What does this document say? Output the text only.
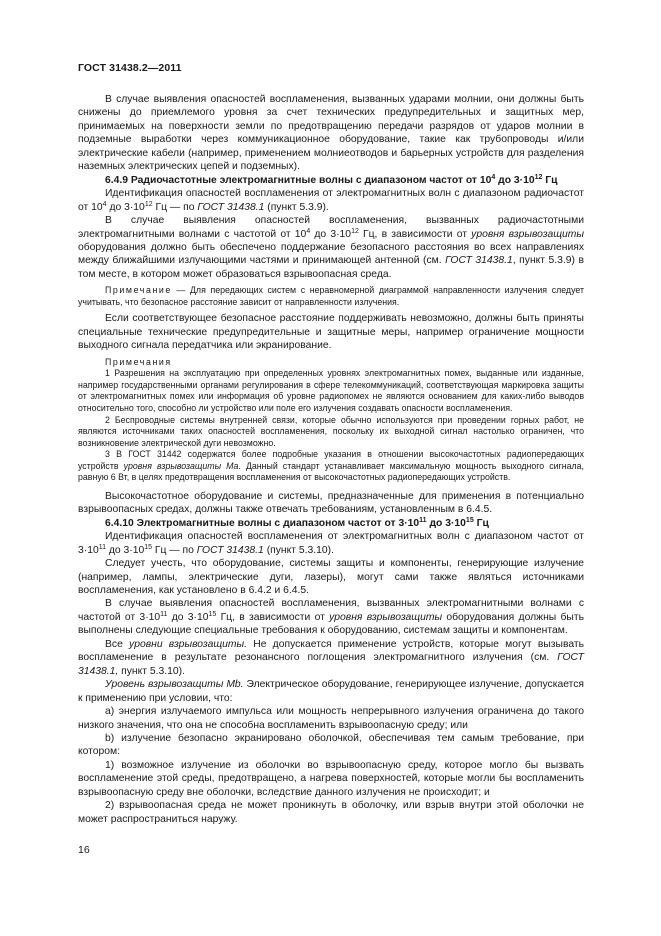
ГОСТ 31438.2—2011

В случае выявления опасностей воспламенения, вызванных ударами молнии, они должны быть снижены до приемлемого уровня за счет технических предупредительных и защитных мер, принимаемых на поверхности земли по предотвращению передачи разрядов от ударов молнии в подземные выработки через коммуникационное оборудование, такие как трубопроводы и/или электрические кабели (например, применением молниеотводов и барьерных устройств для разделения наземных электрических цепей и подземных).

6.4.9 Радиочастотные электромагнитные волны с диапазоном частот от $10^4$ до $3\cdot 10^{12}$ Гц

Идентификация опасностей воспламенения от электромагнитных волн с диапазоном радиочастот от $10^4$ до $3\cdot 10^{12}$ Гц — по ГОСТ 31438.1 (пункт 5.3.9).

В случае выявления опасностей воспламенения, вызванных радиочастотными электромагнитными волнами с частотой от $10^4$ до $3\cdot 10^{12}$ Гц, в зависимости от уровня взрывозащиты оборудования должно быть обеспечено поддержание безопасного расстояния во всех направлениях между ближайшими излучающими частями и принимающей антенной (см. ГОСТ 31438.1, пункт 5.3.9) в том месте, в котором может образоваться взрывоопасная среда.

Примечание — Для передающих систем с неравномерной диаграммой направленности излучения следует учитывать, что безопасное расстояние зависит от направленности излучения.

Если соответствующее безопасное расстояние поддерживать невозможно, должны быть приняты специальные технические предупредительные и защитные меры, например ограничение мощности выходного сигнала передатчика или экранирование.

Примечания

1 Разрешения на эксплуатацию при определенных уровнях электромагнитных помех, выданные или изданные, например государственными органами регулирования в сфере телекоммуникаций, соответствующая маркировка защиты от электромагнитных помех или информация об уровне радиопомех не являются основанием для каких-либо выводов относительно того, способно ли устройство или поле его излучения создавать опасности воспламенения.

2 Беспроводные системы внутренней связи, которые обычно используются при проведении горных работ, не являются источниками таких опасностей воспламенения, поскольку их выходной сигнал настолько ограничен, что возникновение электрической дуги невозможно.

3 В ГОСТ 31442 содержатся более подробные указания в отношении высокочастотных радиопередающих устройств уровня взрывозащиты Ма. Данный стандарт устанавливает максимальную мощность выходного сигнала, равную 6 Вт, в целях предотвращения воспламенения от высокочастотных радиопередающих устройств.

Высокочастотное оборудование и системы, предназначенные для применения в потенциально взрывоопасных средах, должны также отвечать требованиям, установленным в 6.4.5.

6.4.10 Электромагнитные волны с диапазоном частот от $3\cdot 10^{11}$ до $3\cdot 10^{15}$ Гц

Идентификация опасностей воспламенения от электромагнитных волн с диапазоном частот от $3\cdot 10^{11}$ до $3\cdot 10^{15}$ Гц — по ГОСТ 31438.1 (пункт 5.3.10).

Следует учесть, что оборудование, системы защиты и компоненты, генерирующие излучение (например, лампы, электрические дуги, лазеры), могут сами также являться источниками воспламенения, как установлено в 6.4.2 и 6.4.5.

В случае выявления опасностей воспламенения, вызванных электромагнитными волнами с частотой от $3\cdot 10^{11}$ до $3\cdot 10^{15}$ Гц, в зависимости от уровня взрывозащиты оборудования должны быть выполнены следующие специальные требования к оборудованию, системам защиты и компонентам.

Все уровни взрывозащиты. Не допускается применение устройств, которые могут вызывать воспламенение в результате резонансного поглощения электромагнитного излучения (см. ГОСТ 31438.1, пункт 5.3.10).

Уровень взрывозащиты Mb. Электрическое оборудование, генерирующее излучение, допускается к применению при условии, что:

а) энергия излучаемого импульса или мощность непрерывного излучения ограничена до такого низкого значения, что она не способна воспламенить взрывоопасную среду; или

b) излучение безопасно экранировано оболочкой, обеспечивая тем самым требование, при котором:

1) возможное излучение из оболочки во взрывоопасную среду, которое могло бы вызвать воспламенение этой среды, предотвращено, а нагрева поверхностей, которые могли бы воспламенить взрывоопасную среду вне оболочки, вследствие данного излучения не происходит; и

2) взрывоопасная среда не может проникнуть в оболочку, или взрыв внутри этой оболочки не может распространиться наружу.

16
